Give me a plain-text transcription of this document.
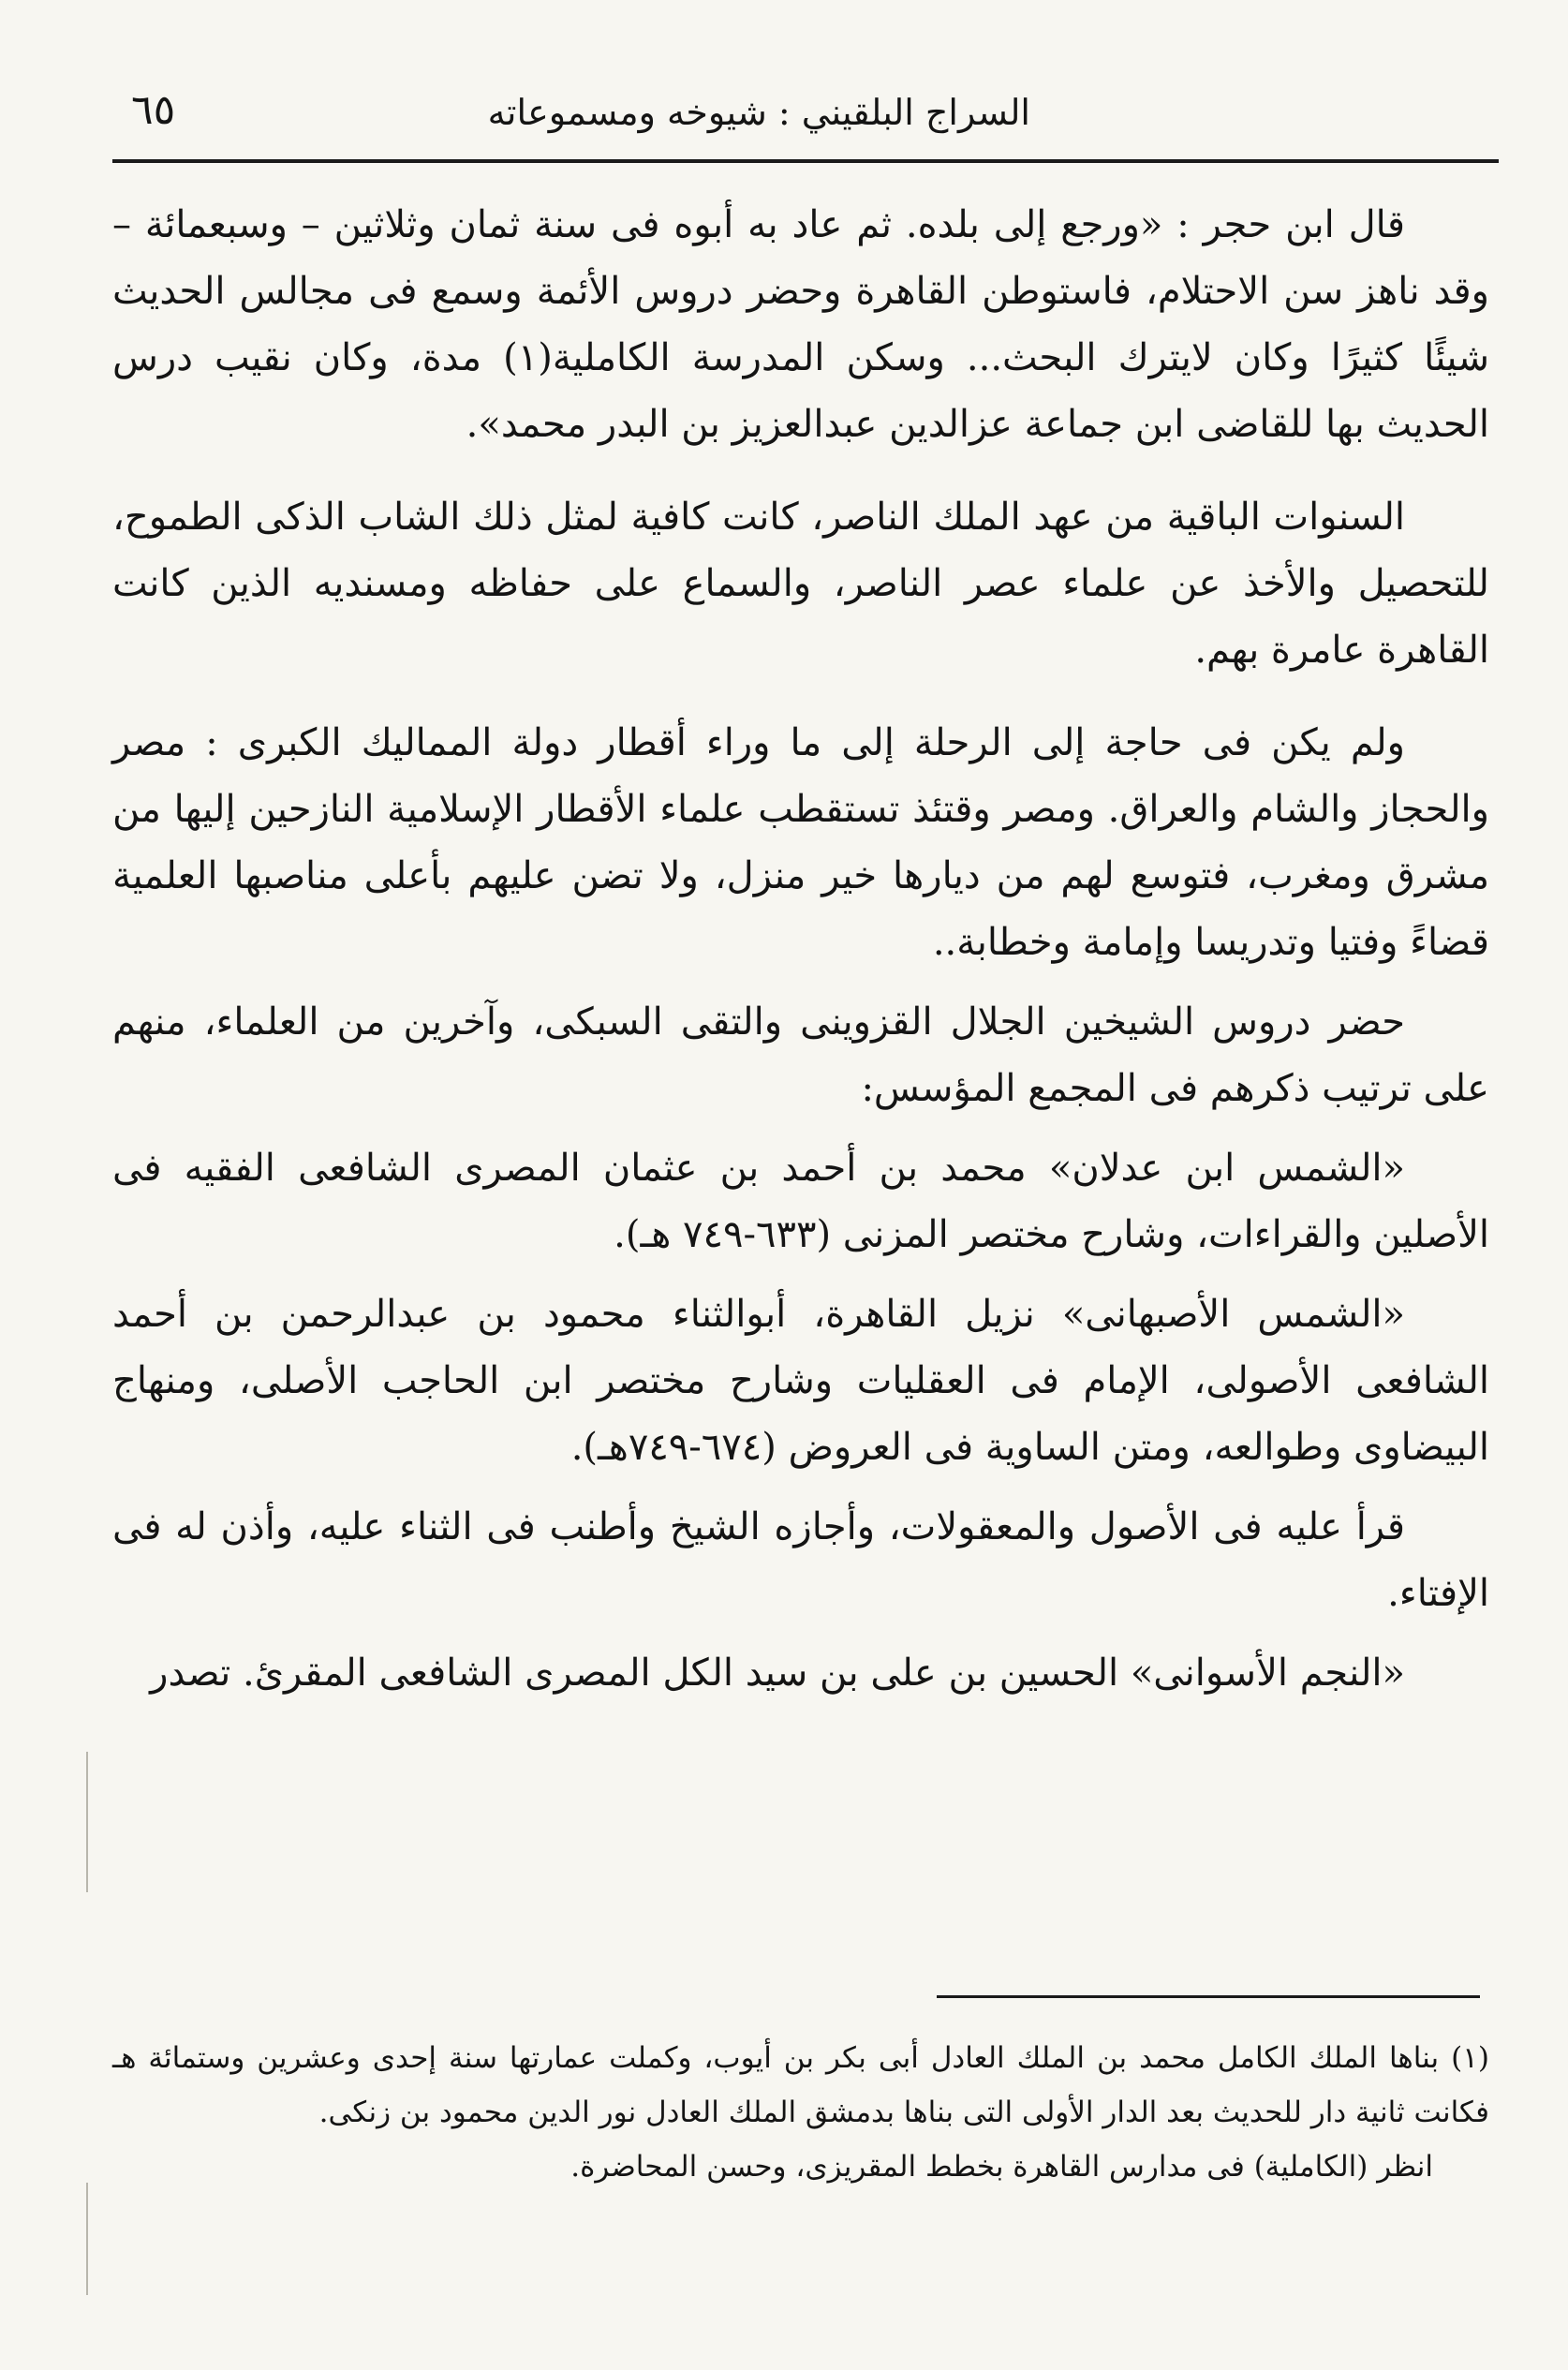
٦٥	السراج البلقيني : شيوخه ومسموعاته

قال ابن حجر : «ورجع إلى بلده. ثم عاد به أبوه فى سنة ثمان وثلاثين – وسبعمائة – وقد ناهز سن الاحتلام، فاستوطن القاهرة وحضر دروس الأئمة وسمع فى مجالس الحديث شيئًا كثيرًا وكان لايترك البحث... وسكن المدرسة الكاملية(١) مدة، وكان نقيب درس الحديث بها للقاضى ابن جماعة عزالدين عبدالعزيز بن البدر محمد».

السنوات الباقية من عهد الملك الناصر، كانت كافية لمثل ذلك الشاب الذكى الطموح، للتحصيل والأخذ عن علماء عصر الناصر، والسماع على حفاظه ومسنديه الذين كانت القاهرة عامرة بهم.

ولم يكن فى حاجة إلى الرحلة إلى ما وراء أقطار دولة المماليك الكبرى : مصر والحجاز والشام والعراق. ومصر وقتئذ تستقطب علماء الأقطار الإسلامية النازحين إليها من مشرق ومغرب، فتوسع لهم من ديارها خير منزل، ولا تضن عليهم بأعلى مناصبها العلمية قضاءً وفتيا وتدريسا وإمامة وخطابة..

حضر دروس الشيخين الجلال القزوينى والتقى السبكى، وآخرين من العلماء، منهم على ترتيب ذكرهم فى المجمع المؤسس:

«الشمس ابن عدلان» محمد بن أحمد بن عثمان المصرى الشافعى الفقيه فى الأصلين والقراءات، وشارح مختصر المزنى (٦٣٣-٧٤٩ هـ).

«الشمس الأصبهانى» نزيل القاهرة، أبوالثناء محمود بن عبدالرحمن بن أحمد الشافعى الأصولى، الإمام فى العقليات وشارح مختصر ابن الحاجب الأصلى، ومنهاج البيضاوى وطوالعه، ومتن الساوية فى العروض (٦٧٤-٧٤٩هـ).

قرأ عليه فى الأصول والمعقولات، وأجازه الشيخ وأطنب فى الثناء عليه، وأذن له فى الإفتاء.

«النجم الأسوانى» الحسين بن على بن سيد الكل المصرى الشافعى المقرئ. تصدر

(١) بناها الملك الكامل محمد بن الملك العادل أبى بكر بن أيوب، وكملت عمارتها سنة إحدى وعشرين وستمائة هـ فكانت ثانية دار للحديث بعد الدار الأولى التى بناها بدمشق الملك العادل نور الدين محمود بن زنكى.

انظر (الكاملية) فى مدارس القاهرة بخطط المقريزى، وحسن المحاضرة.
